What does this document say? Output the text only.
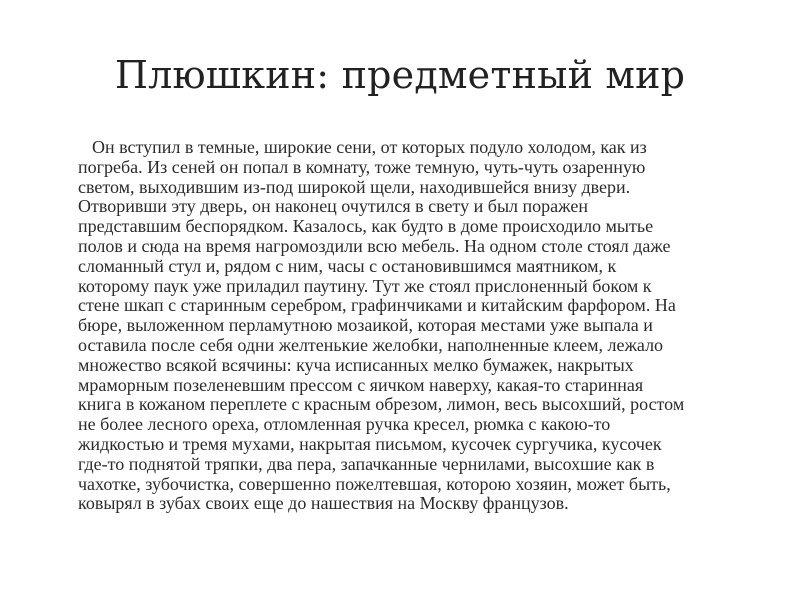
Плюшкин: предметный мир
Он вступил в темные, широкие сени, от которых подуло холодом, как из
погреба. Из сеней он попал в комнату, тоже темную, чуть-чуть озаренную
светом, выходившим из-под широкой щели, находившейся внизу двери.
Отворивши эту дверь, он наконец очутился в свету и был поражен
представшим беспорядком. Казалось, как будто в доме происходило мытье
полов и сюда на время нагромоздили всю мебель. На одном столе стоял даже
сломанный стул и, рядом с ним, часы с остановившимся маятником, к
которому паук уже приладил паутину. Тут же стоял прислоненный боком к
стене шкап с старинным серебром, графинчиками и китайским фарфором. На
бюре, выложенном перламутною мозаикой, которая местами уже выпала и
оставила после себя одни желтенькие желобки, наполненные клеем, лежало
множество всякой всячины: куча исписанных мелко бумажек, накрытых
мраморным позеленевшим прессом с яичком наверху, какая-то старинная
книга в кожаном переплете с красным обрезом, лимон, весь высохший, ростом
не более лесного ореха, отломленная ручка кресел, рюмка с какою-то
жидкостью и тремя мухами, накрытая письмом, кусочек сургучика, кусочек
где-то поднятой тряпки, два пера, запачканные чернилами, высохшие как в
чахотке, зубочистка, совершенно пожелтевшая, которою хозяин, может быть,
ковырял в зубах своих еще до нашествия на Москву французов.
